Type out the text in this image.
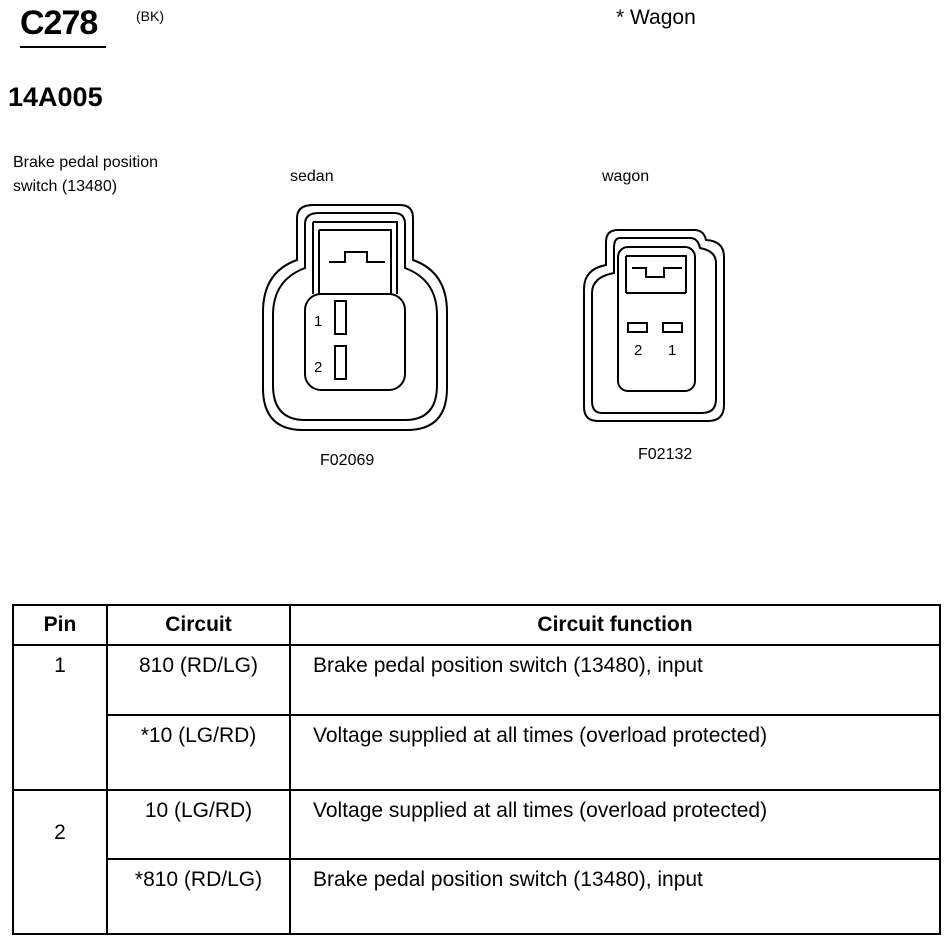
C278	(BK)	* Wagon
14A005
Brake pedal position
switch (13480)
sedan	wagon
1
2
2 1
F02069	F02132
Pin	Circuit	Circuit function
1	810 (RD/LG)	Brake pedal position switch (13480), input
	*10 (LG/RD)	Voltage supplied at all times (overload protected)
2	10 (LG/RD)	Voltage supplied at all times (overload protected)
	*810 (RD/LG)	Brake pedal position switch (13480), input
